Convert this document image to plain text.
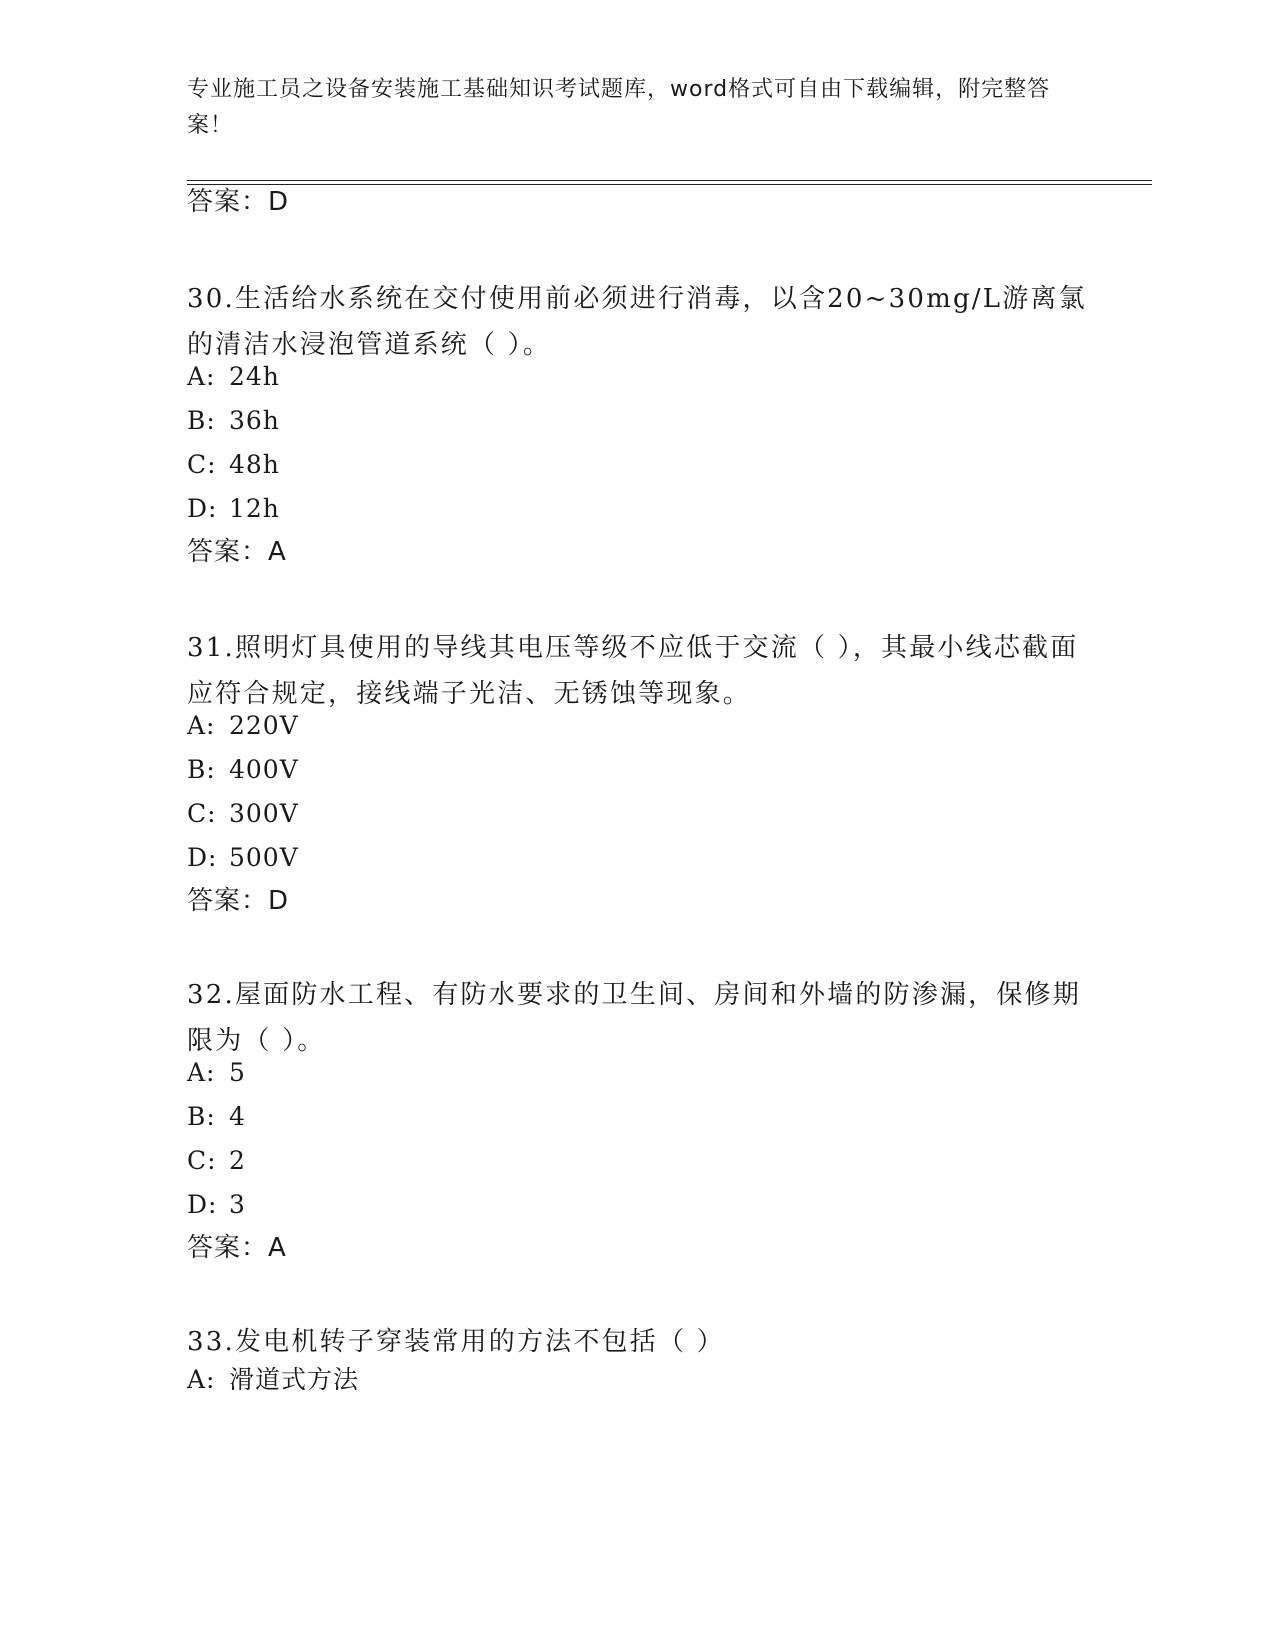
专业施工员之设备安装施工基础知识考试题库，word格式可自由下载编辑，附完整答案！
答案：D
30.生活给水系统在交付使用前必须进行消毒，以含20~30mg/L游离氯的清洁水浸泡管道系统（ ）。
A: 24h
B: 36h
C: 48h
D: 12h
答案：A
31.照明灯具使用的导线其电压等级不应低于交流（ ），其最小线芯截面应符合规定，接线端子光洁、无锈蚀等现象。
A: 220V
B: 400V
C: 300V
D: 500V
答案：D
32.屋面防水工程、有防水要求的卫生间、房间和外墙的防渗漏，保修期限为（ ）。
A: 5
B: 4
C: 2
D: 3
答案：A
33.发电机转子穿装常用的方法不包括（ ）
A: 滑道式方法
